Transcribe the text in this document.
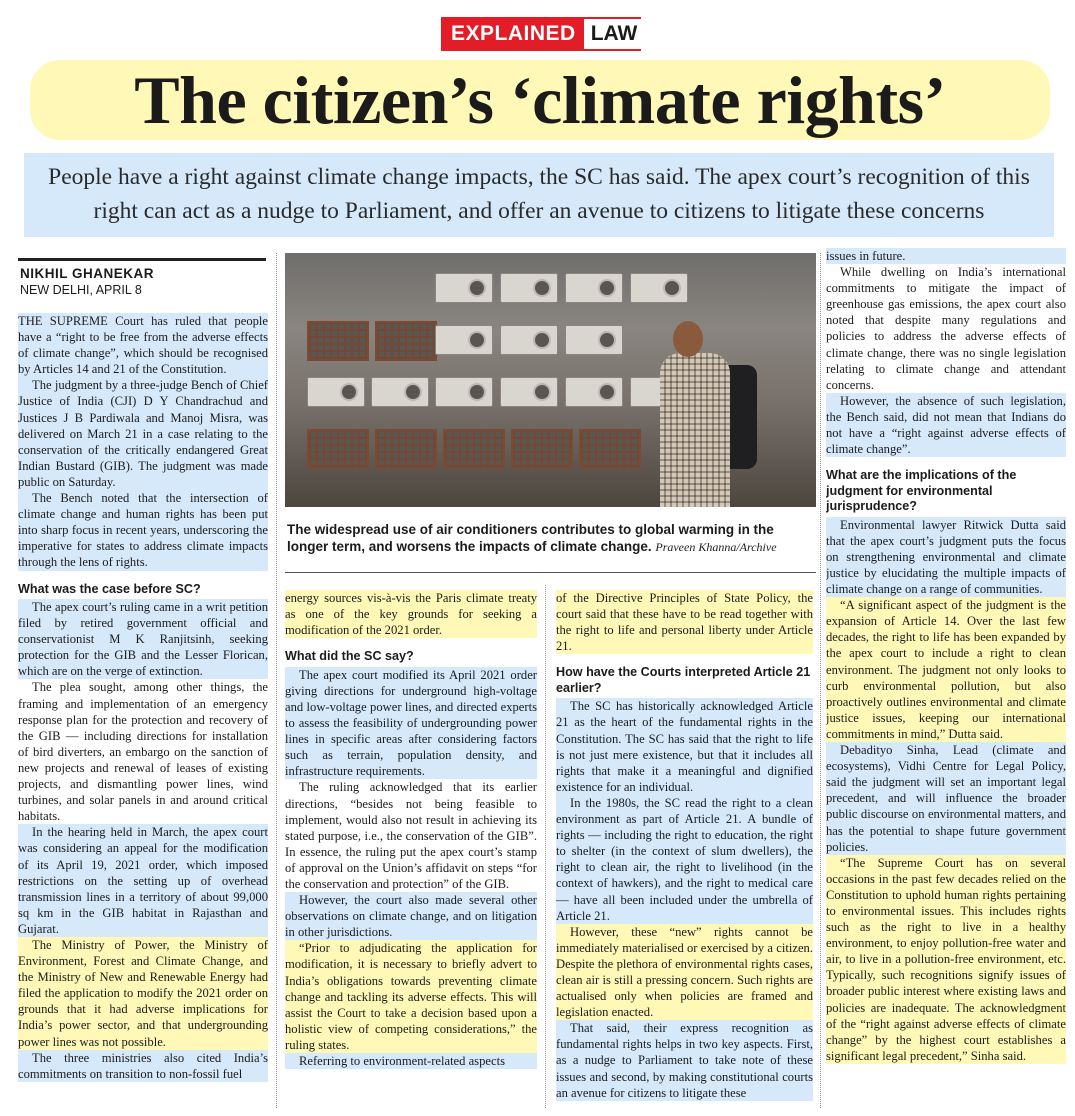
EXPLAINED LAW
The citizen’s ‘climate rights’
People have a right against climate change impacts, the SC has said. The apex court’s recognition of this right can act as a nudge to Parliament, and offer an avenue to citizens to litigate these concerns
NIKHIL GHANEKAR
NEW DELHI, APRIL 8

THE SUPREME Court has ruled that people have a “right to be free from the adverse effects of climate change”, which should be recognised by Articles 14 and 21 of the Constitution.

The judgment by a three-judge Bench of Chief Justice of India (CJI) D Y Chandrachud and Justices J B Pardiwala and Manoj Misra, was delivered on March 21 in a case relating to the conservation of the critically endangered Great Indian Bustard (GIB). The judgment was made public on Saturday.

The Bench noted that the intersection of climate change and human rights has been put into sharp focus in recent years, underscoring the imperative for states to address climate impacts through the lens of rights.

What was the case before SC?

The apex court’s ruling came in a writ petition filed by retired government official and conservationist M K Ranjitsinh, seeking protection for the GIB and the Lesser Florican, which are on the verge of extinction.

The plea sought, among other things, the framing and implementation of an emergency response plan for the protection and recovery of the GIB — including directions for installation of bird diverters, an embargo on the sanction of new projects and renewal of leases of existing projects, and dismantling power lines, wind turbines, and solar panels in and around critical habitats.

In the hearing held in March, the apex court was considering an appeal for the modification of its April 19, 2021 order, which imposed restrictions on the setting up of overhead transmission lines in a territory of about 99,000 sq km in the GIB habitat in Rajasthan and Gujarat.

The Ministry of Power, the Ministry of Environment, Forest and Climate Change, and the Ministry of New and Renewable Energy had filed the application to modify the 2021 order on grounds that it had adverse implications for India’s power sector, and that undergrounding power lines was not possible.

The three ministries also cited India’s commitments on transition to non-fossil fuel

The widespread use of air conditioners contributes to global warming in the longer term, and worsens the impacts of climate change. Praveen Khanna/Archive

energy sources vis-à-vis the Paris climate treaty as one of the key grounds for seeking a modification of the 2021 order.

What did the SC say?

The apex court modified its April 2021 order giving directions for underground high-voltage and low-voltage power lines, and directed experts to assess the feasibility of undergrounding power lines in specific areas after considering factors such as terrain, population density, and infrastructure requirements.

The ruling acknowledged that its earlier directions, “besides not being feasible to implement, would also not result in achieving its stated purpose, i.e., the conservation of the GIB”. In essence, the ruling put the apex court’s stamp of approval on the Union’s affidavit on steps “for the conservation and protection” of the GIB.

However, the court also made several other observations on climate change, and on litigation in other jurisdictions.

“Prior to adjudicating the application for modification, it is necessary to briefly advert to India’s obligations towards preventing climate change and tackling its adverse effects. This will assist the Court to take a decision based upon a holistic view of competing considerations,” the ruling states.

Referring to environment-related aspects

of the Directive Principles of State Policy, the court said that these have to be read together with the right to life and personal liberty under Article 21.

How have the Courts interpreted Article 21 earlier?

The SC has historically acknowledged Article 21 as the heart of the fundamental rights in the Constitution. The SC has said that the right to life is not just mere existence, but that it includes all rights that make it a meaningful and dignified existence for an individual.

In the 1980s, the SC read the right to a clean environment as part of Article 21. A bundle of rights — including the right to education, the right to shelter (in the context of slum dwellers), the right to clean air, the right to livelihood (in the context of hawkers), and the right to medical care — have all been included under the umbrella of Article 21.

However, these “new” rights cannot be immediately materialised or exercised by a citizen. Despite the plethora of environmental rights cases, clean air is still a pressing concern. Such rights are actualised only when policies are framed and legislation enacted.

That said, their express recognition as fundamental rights helps in two key aspects. First, as a nudge to Parliament to take note of these issues and second, by making constitutional courts an avenue for citizens to litigate these

issues in future.

While dwelling on India’s international commitments to mitigate the impact of greenhouse gas emissions, the apex court also noted that despite many regulations and policies to address the adverse effects of climate change, there was no single legislation relating to climate change and attendant concerns.

However, the absence of such legislation, the Bench said, did not mean that Indians do not have a “right against adverse effects of climate change”.

What are the implications of the judgment for environmental jurisprudence?

Environmental lawyer Ritwick Dutta said that the apex court’s judgment puts the focus on strengthening environmental and climate justice by elucidating the multiple impacts of climate change on a range of communities.

“A significant aspect of the judgment is the expansion of Article 14. Over the last few decades, the right to life has been expanded by the apex court to include a right to clean environment. The judgment not only looks to curb environmental pollution, but also proactively outlines environmental and climate justice issues, keeping our international commitments in mind,” Dutta said.

Debadityo Sinha, Lead (climate and ecosystems), Vidhi Centre for Legal Policy, said the judgment will set an important legal precedent, and will influence the broader public discourse on environmental matters, and has the potential to shape future government policies.

“The Supreme Court has on several occasions in the past few decades relied on the Constitution to uphold human rights pertaining to environmental issues. This includes rights such as the right to live in a healthy environment, to enjoy pollution-free water and air, to live in a pollution-free environment, etc. Typically, such recognitions signify issues of broader public interest where existing laws and policies are inadequate. The acknowledgment of the “right against adverse effects of climate change” by the highest court establishes a significant legal precedent,” Sinha said.
